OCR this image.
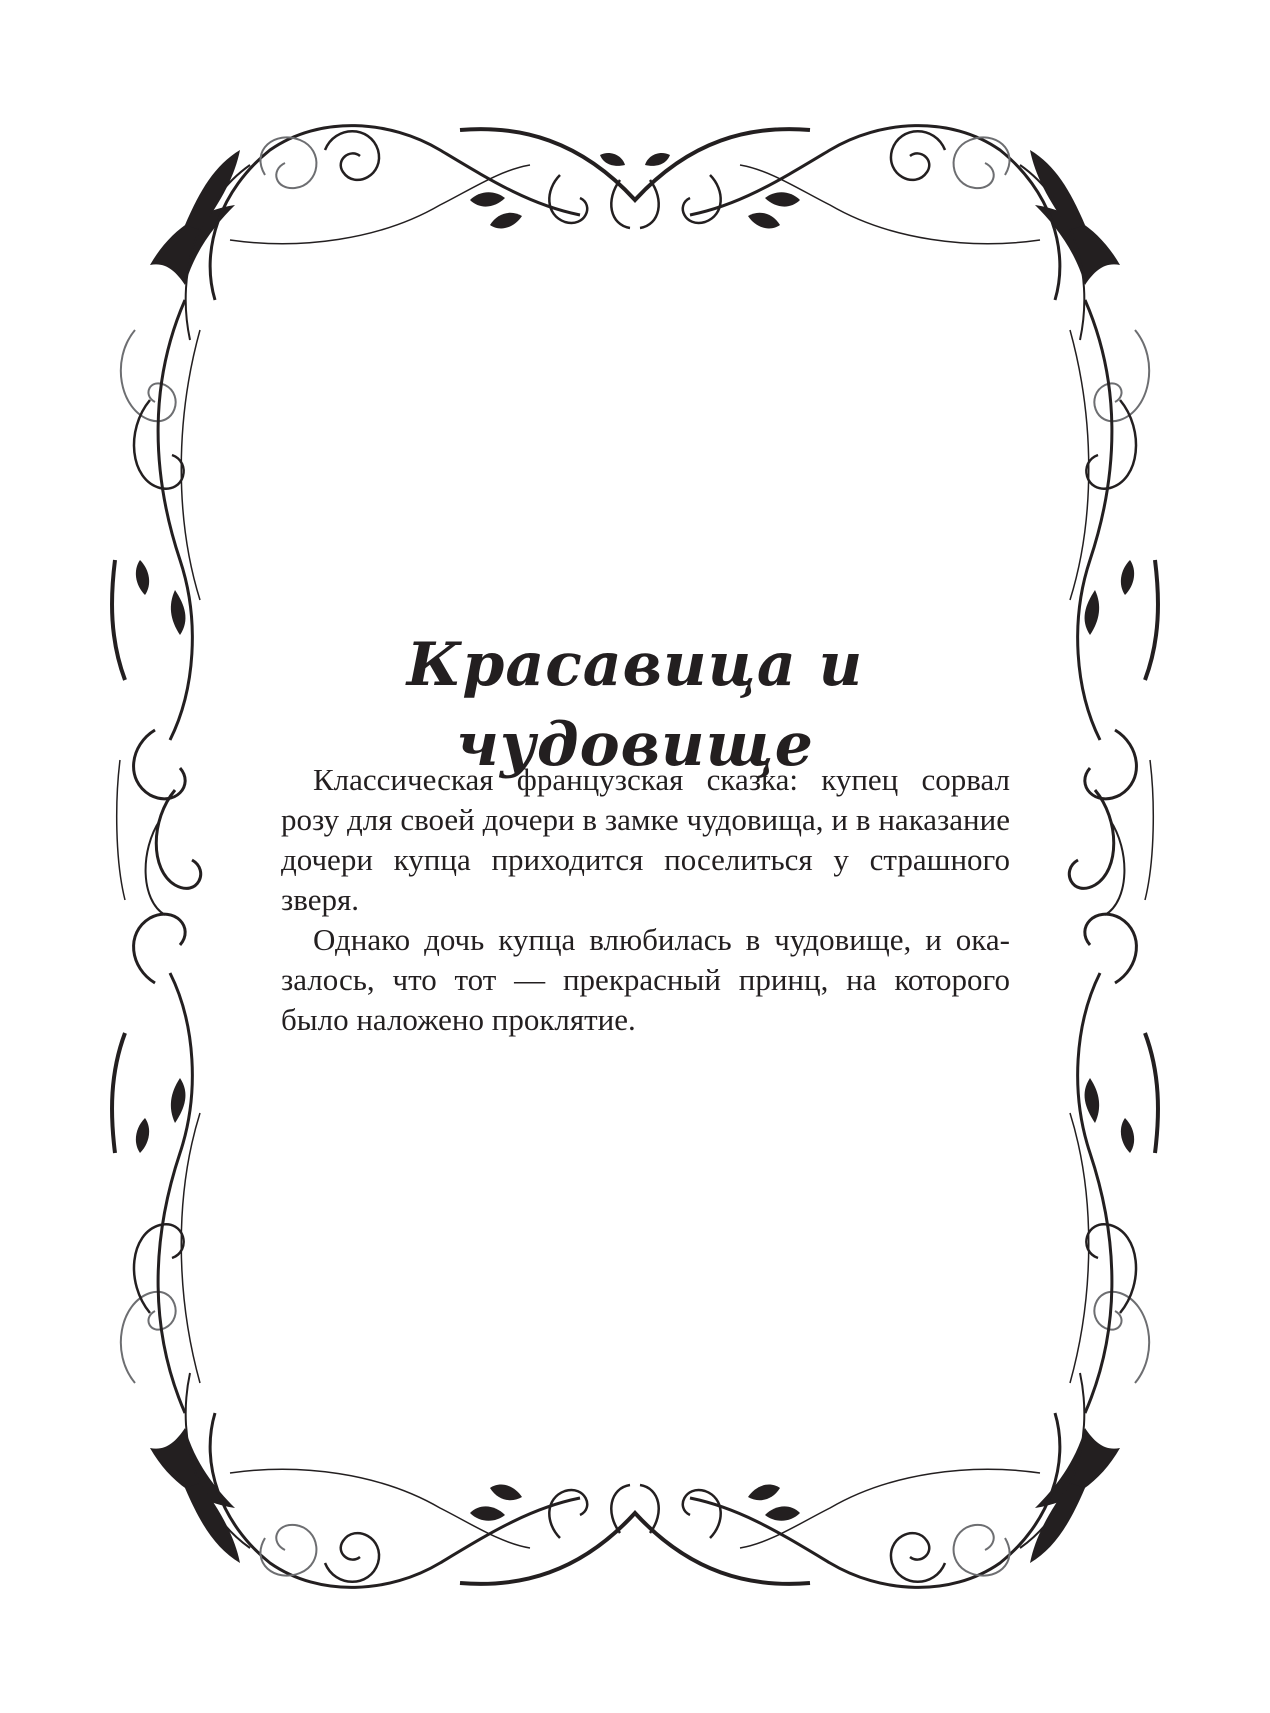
Красавица и чудовище

Классическая французская сказка: купец сорвал розу для своей дочери в замке чудовища, и в наказание дочери купца приходится поселиться у страшного зверя.

Однако дочь купца влюбилась в чудовище, и оказалось, что тот — прекрасный принц, на которого было наложено проклятие.
